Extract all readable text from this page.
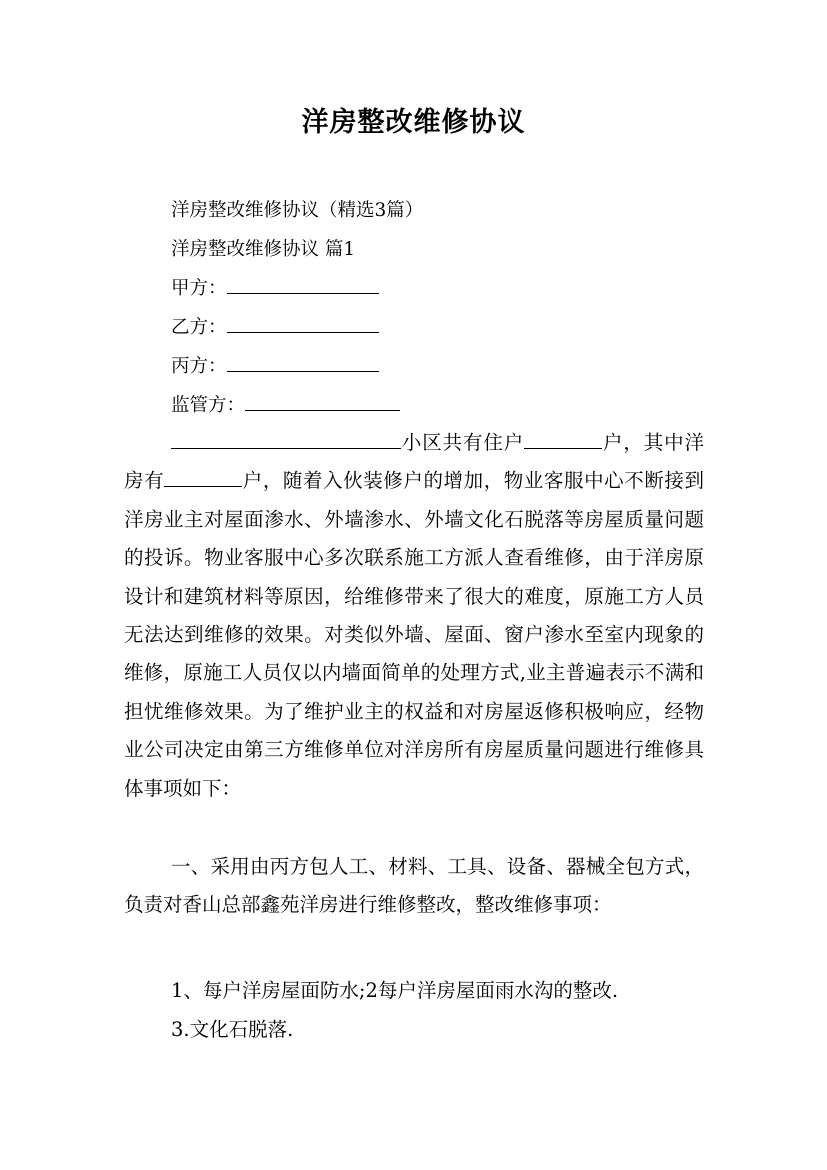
洋房整改维修协议
洋房整改维修协议（精选3篇）
洋房整改维修协议 篇1
甲方：
乙方：
丙方：
监管方：
小区共有住户	户，其中洋房有	户，随着入伙装修户的增加，物业客服中心不断接到洋房业主对屋面渗水、外墙渗水、外墙文化石脱落等房屋质量问题的投诉。物业客服中心多次联系施工方派人查看维修，由于洋房原设计和建筑材料等原因，给维修带来了很大的难度，原施工方人员无法达到维修的效果。对类似外墙、屋面、窗户渗水至室内现象的维修，原施工人员仅以内墙面简单的处理方式,业主普遍表示不满和担忧维修效果。为了维护业主的权益和对房屋返修积极响应，经物业公司决定由第三方维修单位对洋房所有房屋质量问题进行维修具体事项如下：
一、采用由丙方包人工、材料、工具、设备、器械全包方式，负责对香山总部鑫苑洋房进行维修整改，整改维修事项：
1、每户洋房屋面防水;2每户洋房屋面雨水沟的整改.
3.文化石脱落.
